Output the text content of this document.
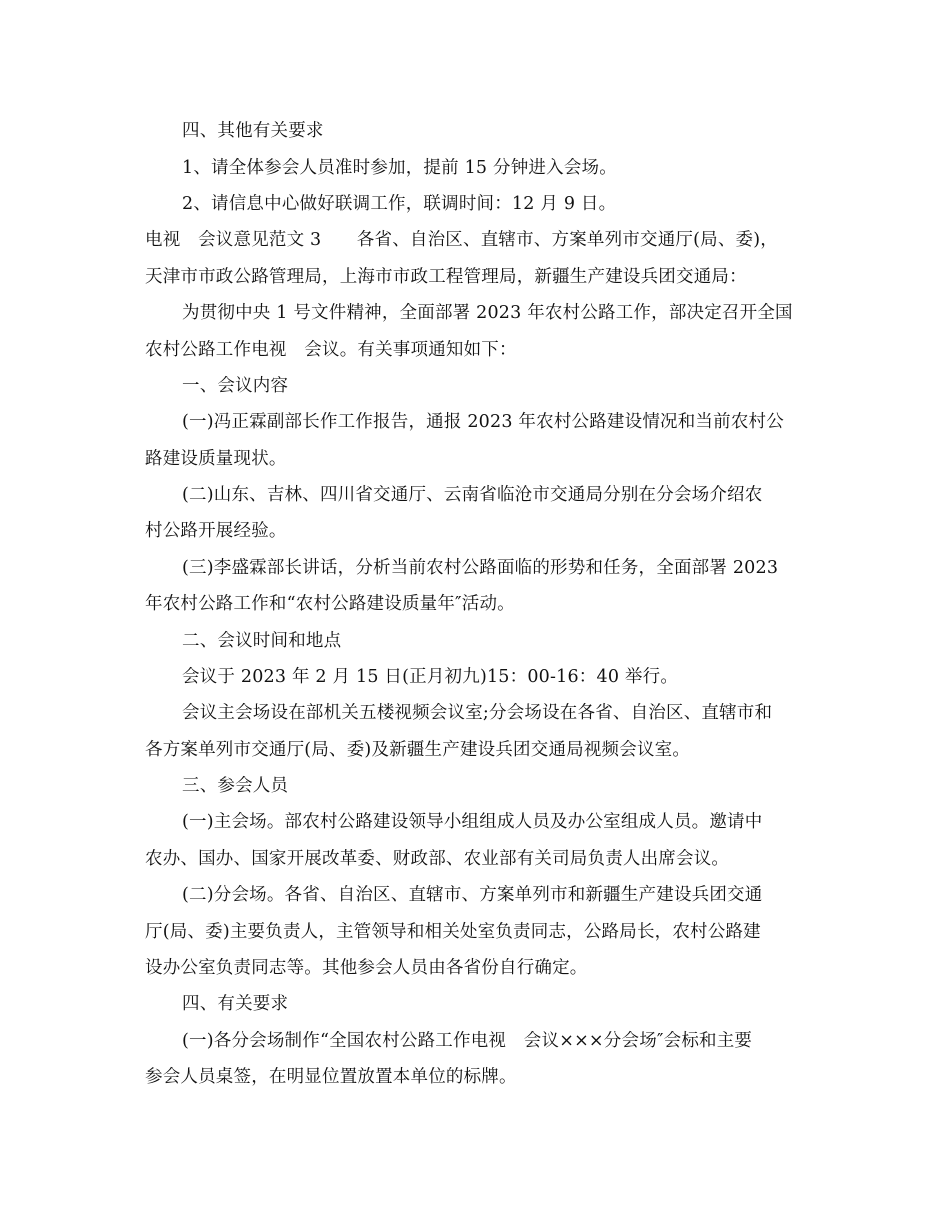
四、其他有关要求
1、请全体参会人员准时参加，提前 15 分钟进入会场。
2、请信息中心做好联调工作，联调时间：12 月 9 日。
电视　会议意见范文 3　　各省、自治区、直辖市、方案单列市交通厅(局、委)，
天津市市政公路管理局，上海市市政工程管理局，新疆生产建设兵团交通局：
为贯彻中央 1 号文件精神，全面部署 2023 年农村公路工作，部决定召开全国
农村公路工作电视　会议。有关事项通知如下：
一、会议内容
(一)冯正霖副部长作工作报告，通报 2023 年农村公路建设情况和当前农村公
路建设质量现状。
(二)山东、吉林、四川省交通厅、云南省临沧市交通局分别在分会场介绍农
村公路开展经验。
(三)李盛霖部长讲话，分析当前农村公路面临的形势和任务，全面部署 2023
年农村公路工作和“农村公路建设质量年″活动。
二、会议时间和地点
会议于 2023 年 2 月 15 日(正月初九)15：00-16：40 举行。
会议主会场设在部机关五楼视频会议室;分会场设在各省、自治区、直辖市和
各方案单列市交通厅(局、委)及新疆生产建设兵团交通局视频会议室。
三、参会人员
(一)主会场。部农村公路建设领导小组组成人员及办公室组成人员。邀请中
农办、国办、国家开展改革委、财政部、农业部有关司局负责人出席会议。
(二)分会场。各省、自治区、直辖市、方案单列市和新疆生产建设兵团交通
厅(局、委)主要负责人，主管领导和相关处室负责同志，公路局长，农村公路建
设办公室负责同志等。其他参会人员由各省份自行确定。
四、有关要求
(一)各分会场制作“全国农村公路工作电视　会议×××分会场″会标和主要
参会人员桌签，在明显位置放置本单位的标牌。
